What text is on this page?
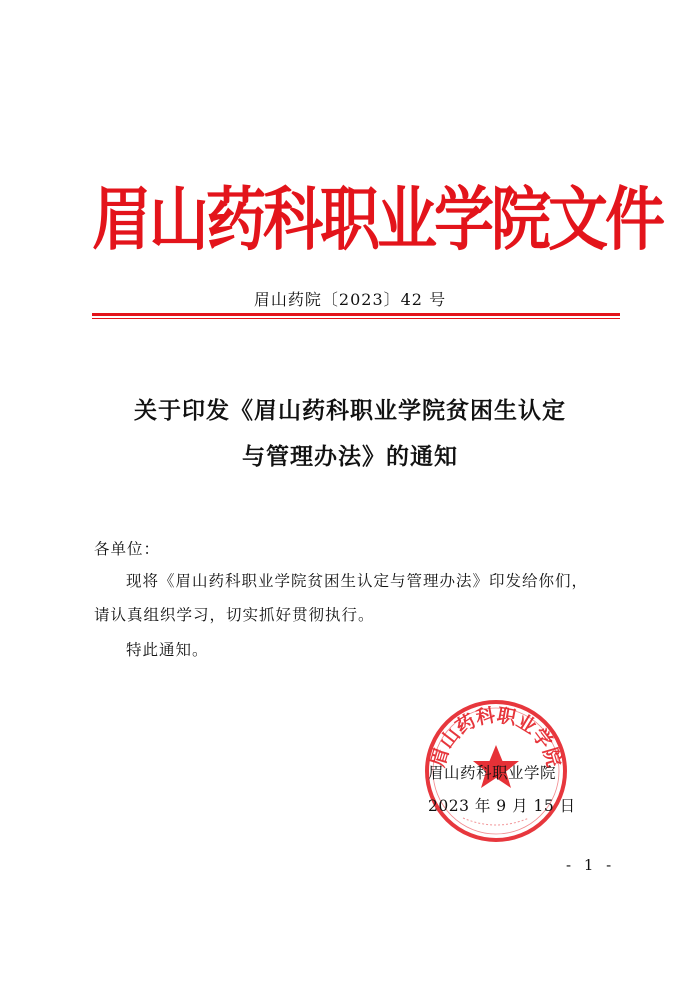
眉 山 药 科 职 业 学 院 文 件
眉山药院〔2023〕42 号
关于印发《眉山药科职业学院贫困生认定
与管理办法》的通知
各单位：
现将《眉山药科职业学院贫困生认定与管理办法》印发给你们，
请认真组织学习，切实抓好贯彻执行。
特此通知。
眉山药科职业学院
眉山药科职业学院
2023 年 9 月 15 日
- 1 -
